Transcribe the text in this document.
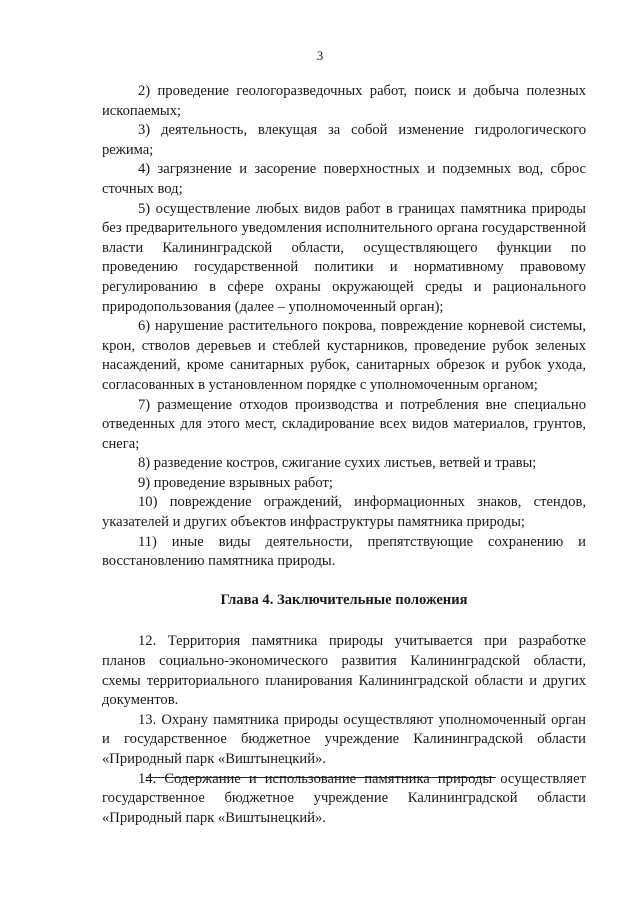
3

2) проведение геологоразведочных работ, поиск и добыча полезных ископаемых;

3) деятельность, влекущая за собой изменение гидрологического режима;

4) загрязнение и засорение поверхностных и подземных вод, сброс сточных вод;

5) осуществление любых видов работ в границах памятника природы без предварительного уведомления исполнительного органа государственной власти Калининградской области, осуществляющего функции по проведению государственной политики и нормативному правовому регулированию в сфере охраны окружающей среды и рационального природопользования (далее – уполномоченный орган);

6) нарушение растительного покрова, повреждение корневой системы, крон, стволов деревьев и стеблей кустарников, проведение рубок зеленых насаждений, кроме санитарных рубок, санитарных обрезок и рубок ухода, согласованных в установленном порядке с уполномоченным органом;

7) размещение отходов производства и потребления вне специально отведенных для этого мест, складирование всех видов материалов, грунтов, снега;

8) разведение костров, сжигание сухих листьев, ветвей и травы;

9) проведение взрывных работ;

10) повреждение ограждений, информационных знаков, стендов, указателей и других объектов инфраструктуры памятника природы;

11) иные виды деятельности, препятствующие сохранению и восстановлению памятника природы.

Глава 4. Заключительные положения

12. Территория памятника природы учитывается при разработке планов социально-экономического развития Калининградской области, схемы территориального планирования Калининградской области и других документов.

13. Охрану памятника природы осуществляют уполномоченный орган и государственное бюджетное учреждение Калининградской области «Природный парк «Виштынецкий».

14. Содержание и использование памятника природы осуществляет государственное бюджетное учреждение Калининградской области «Природный парк «Виштынецкий».
